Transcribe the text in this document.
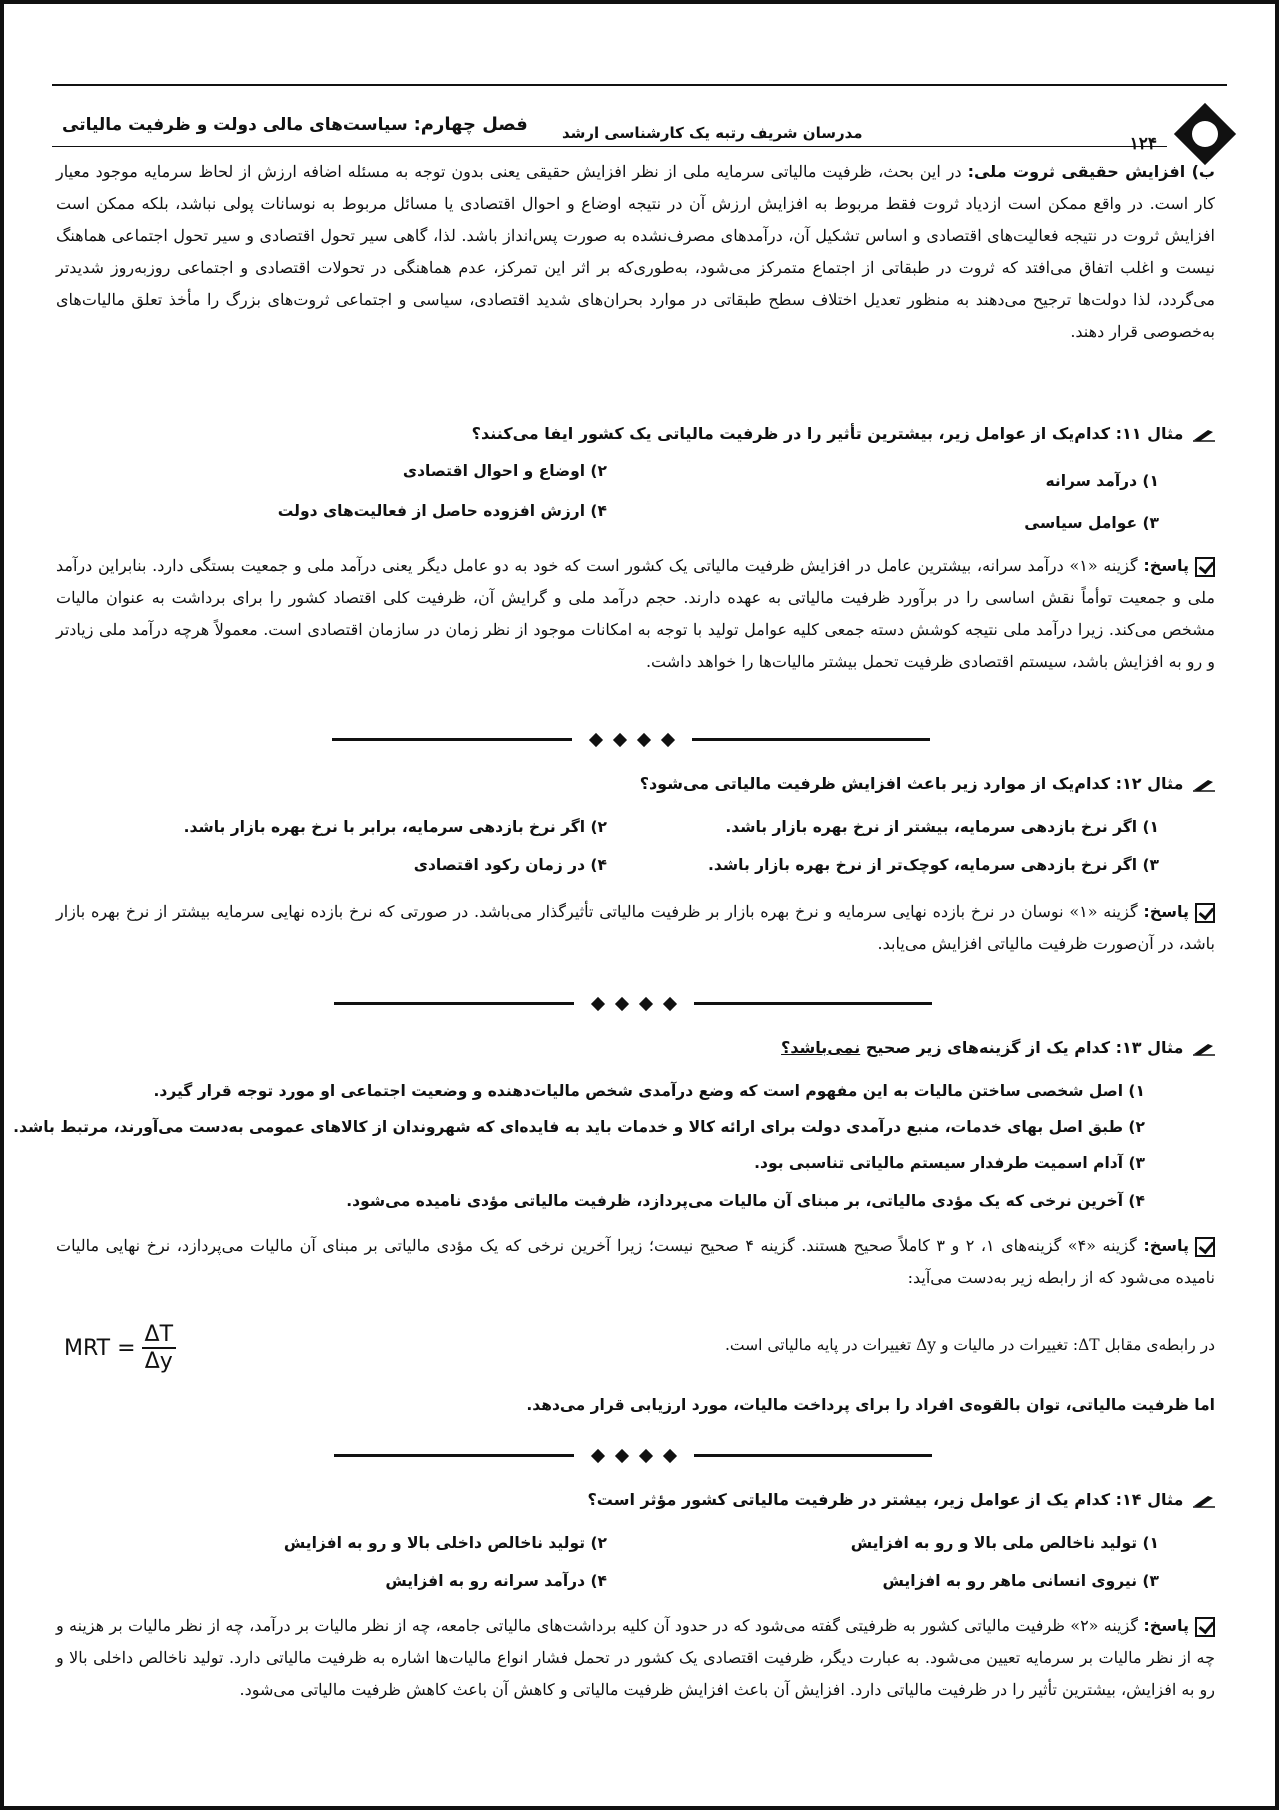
۱۲۴
مدرسان شریف رتبه یک کارشناسی ارشد
فصل چهارم: سیاست‌های مالی دولت و ظرفیت مالیاتی
ب) افزایش حقیقی ثروت ملی: در این بحث، ظرفیت مالیاتی سرمایه ملی از نظر افزایش حقیقی یعنی بدون توجه به مسئله اضافه ارزش از لحاظ سرمایه موجود معیار کار است. در واقع ممکن است ازدیاد ثروت فقط مربوط به افزایش ارزش آن در نتیجه اوضاع و احوال اقتصادی یا مسائل مربوط به نوسانات پولی نباشد، بلکه ممکن است افزایش ثروت در نتیجه فعالیت‌های اقتصادی و اساس تشکیل آن، درآمدهای مصرف‌نشده به صورت پس‌انداز باشد. لذا، گاهی سیر تحول اقتصادی و سیر تحول اجتماعی هماهنگ نیست و اغلب اتفاق می‌افتد که ثروت در طبقاتی از اجتماع متمرکز می‌شود، به‌طوری‌که بر اثر این تمرکز، عدم هماهنگی در تحولات اقتصادی و اجتماعی روزبه‌روز شدیدتر می‌گردد، لذا دولت‌ها ترجیح می‌دهند به منظور تعدیل اختلاف سطح طبقاتی در موارد بحران‌های شدید اقتصادی، سیاسی و اجتماعی ثروت‌های بزرگ را مأخذ تعلق مالیات‌های به‌خصوصی قرار دهند.
مثال ۱۱: کدام‌یک از عوامل زیر، بیشترین تأثیر را در ظرفیت مالیاتی یک کشور ایفا می‌کنند؟
۱) درآمد سرانه
۲) اوضاع و احوال اقتصادی
۳) عوامل سیاسی
۴) ارزش افزوده حاصل از فعالیت‌های دولت
پاسخ: گزینه «۱» درآمد سرانه، بیشترین عامل در افزایش ظرفیت مالیاتی یک کشور است که خود به دو عامل دیگر یعنی درآمد ملی و جمعیت بستگی دارد. بنابراین درآمد ملی و جمعیت توأماً نقش اساسی را در برآورد ظرفیت مالیاتی به عهده دارند. حجم درآمد ملی و گرایش آن، ظرفیت کلی اقتصاد کشور را برای برداشت به عنوان مالیات مشخص می‌کند. زیرا درآمد ملی نتیجه کوشش دسته جمعی کلیه عوامل تولید با توجه به امکانات موجود از نظر زمان در سازمان اقتصادی است. معمولاً هرچه درآمد ملی زیادتر و رو به افزایش باشد، سیستم اقتصادی ظرفیت تحمل بیشتر مالیات‌ها را خواهد داشت.
مثال ۱۲: کدام‌یک از موارد زیر باعث افزایش ظرفیت مالیاتی می‌شود؟
۱) اگر نرخ بازدهی سرمایه، بیشتر از نرخ بهره بازار باشد.
۲) اگر نرخ بازدهی سرمایه، برابر با نرخ بهره بازار باشد.
۳) اگر نرخ بازدهی سرمایه، کوچک‌تر از نرخ بهره بازار باشد.
۴) در زمان رکود اقتصادی
پاسخ: گزینه «۱» نوسان در نرخ بازده نهایی سرمایه و نرخ بهره بازار بر ظرفیت مالیاتی تأثیرگذار می‌باشد. در صورتی که نرخ بازده نهایی سرمایه بیشتر از نرخ بهره بازار باشد، در آن‌صورت ظرفیت مالیاتی افزایش می‌یابد.
مثال ۱۳: کدام یک از گزینه‌های زیر صحیح نمی‌باشد؟
۱) اصل شخصی ساختن مالیات به این مفهوم است که وضع درآمدی شخص مالیات‌دهنده و وضعیت اجتماعی او مورد توجه قرار گیرد.
۲) طبق اصل بهای خدمات، منبع درآمدی دولت برای ارائه کالا و خدمات باید به فایده‌ای که شهروندان از کالاهای عمومی به‌دست می‌آورند، مرتبط باشد.
۳) آدام اسمیت طرفدار سیستم مالیاتی تناسبی بود.
۴) آخرین نرخی که یک مؤدی مالیاتی، بر مبنای آن مالیات می‌پردازد، ظرفیت مالیاتی مؤدی نامیده می‌شود.
پاسخ: گزینه «۴» گزینه‌های ۱، ۲ و ۳ کاملاً صحیح هستند. گزینه ۴ صحیح نیست؛ زیرا آخرین نرخی که یک مؤدی مالیاتی بر مبنای آن مالیات می‌پردازد، نرخ نهایی مالیات نامیده می‌شود که از رابطه زیر به‌دست می‌آید:
MRT = $\frac{\Delta T}{\Delta y}$	در رابطه‌ی مقابل ΔT: تغییرات در مالیات و Δy تغییرات در پایه مالیاتی است.
اما ظرفیت مالیاتی، توان بالقوه‌ی افراد را برای پرداخت مالیات، مورد ارزیابی قرار می‌دهد.
مثال ۱۴: کدام یک از عوامل زیر، بیشتر در ظرفیت مالیاتی کشور مؤثر است؟
۱) تولید ناخالص ملی بالا و رو به افزایش
۲) تولید ناخالص داخلی بالا و رو به افزایش
۳) نیروی انسانی ماهر رو به افزایش
۴) درآمد سرانه رو به افزایش
پاسخ: گزینه «۲» ظرفیت مالیاتی کشور به ظرفیتی گفته می‌شود که در حدود آن کلیه برداشت‌های مالیاتی جامعه، چه از نظر مالیات بر درآمد، چه از نظر مالیات بر هزینه و چه از نظر مالیات بر سرمایه تعیین می‌شود. به عبارت دیگر، ظرفیت اقتصادی یک کشور در تحمل فشار انواع مالیات‌ها اشاره به ظرفیت مالیاتی دارد. تولید ناخالص داخلی بالا و رو به افزایش، بیشترین تأثیر را در ظرفیت مالیاتی دارد. افزایش آن باعث افزایش ظرفیت مالیاتی و کاهش آن باعث کاهش ظرفیت مالیاتی می‌شود.
